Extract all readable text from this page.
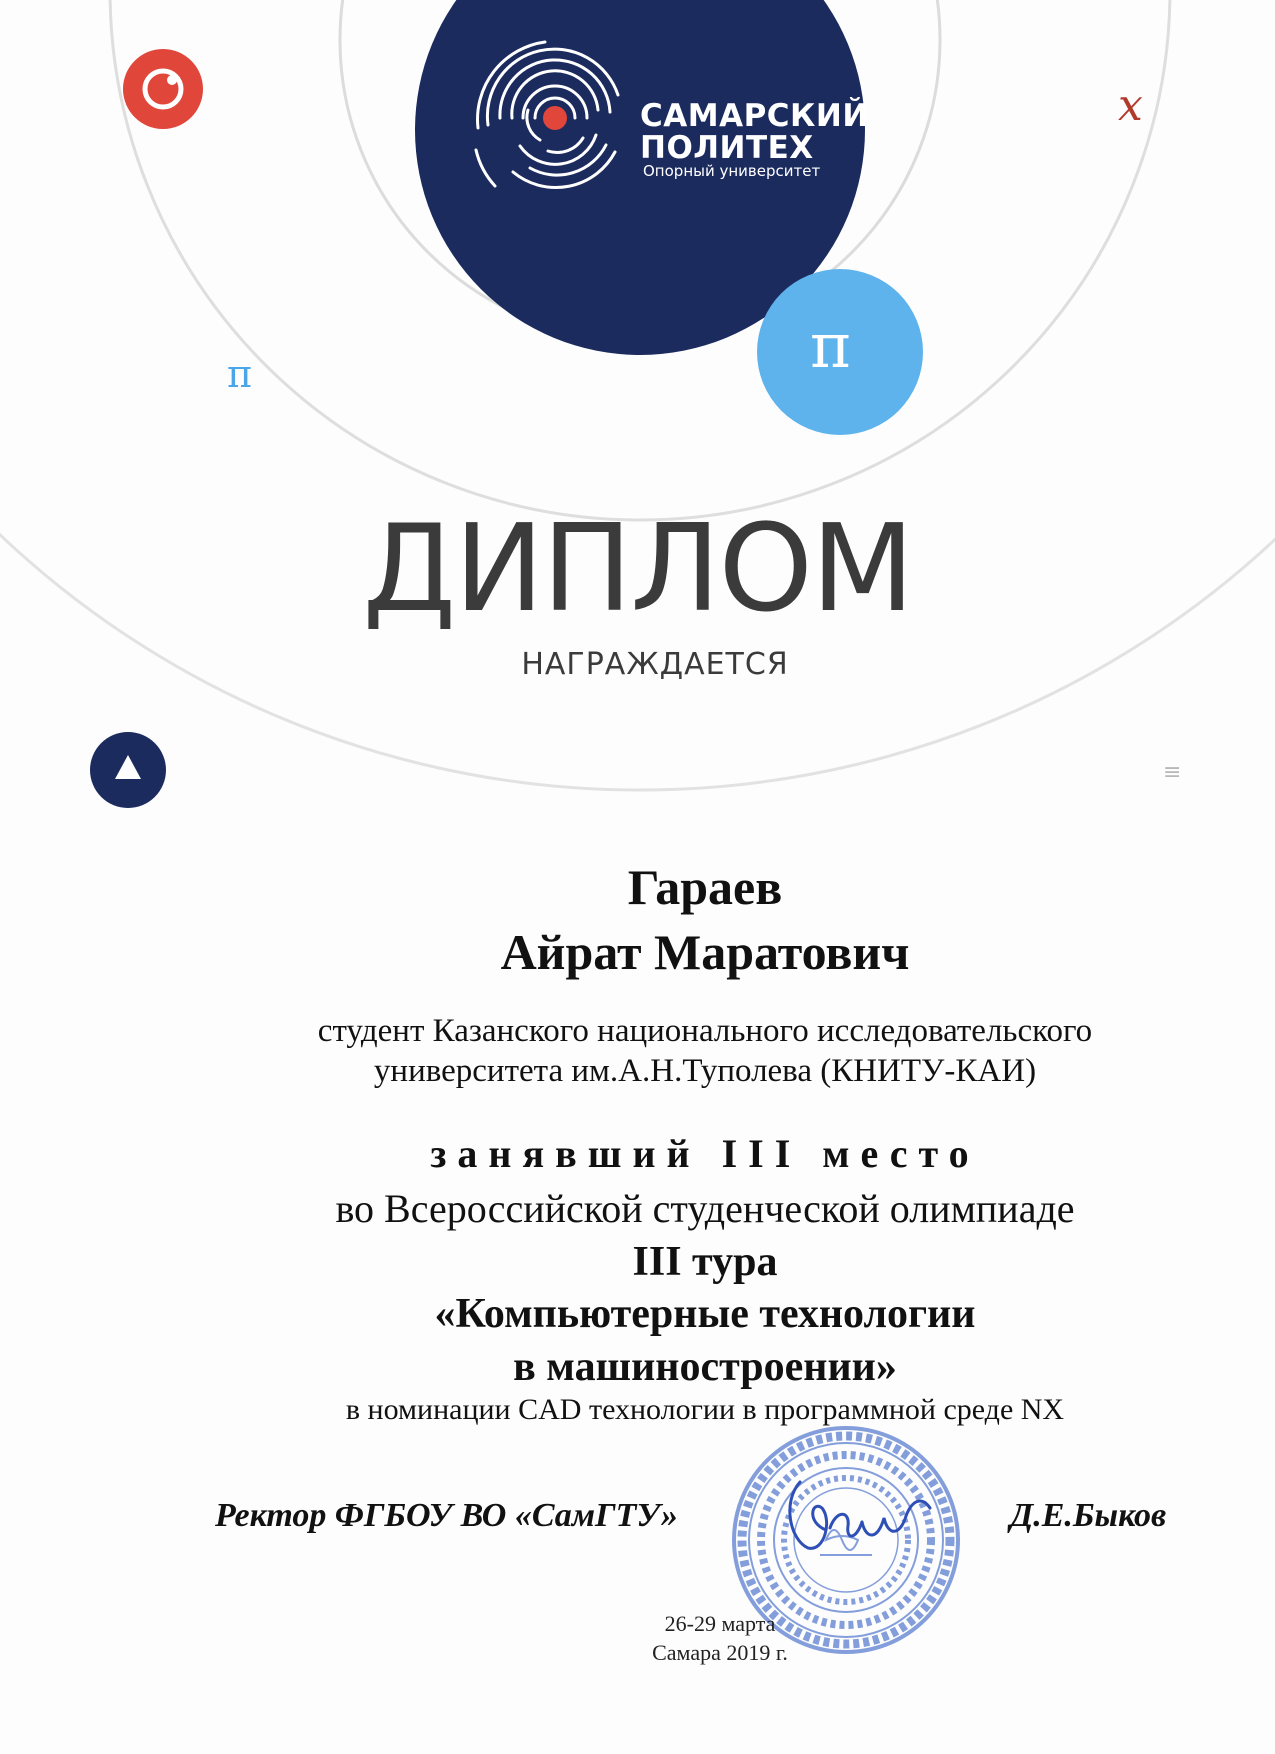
САМАРСКИЙ
ПОЛИТЕХ
Опорный университет
π
π
x
≡
ДИПЛОМ
НАГРАЖДАЕТСЯ
Гараев
Айрат Маратович
студент Казанского национального исследовательского
университета им.А.Н.Туполева (КНИТУ-КАИ)
занявший III место
во Всероссийской студенческой олимпиаде
III тура
«Компьютерные технологии
в машиностроении»
в номинации CAD технологии в программной среде NX
Ректор ФГБОУ ВО «СамГТУ»	Д.Е.Быков
26-29 марта
Самара 2019 г.
